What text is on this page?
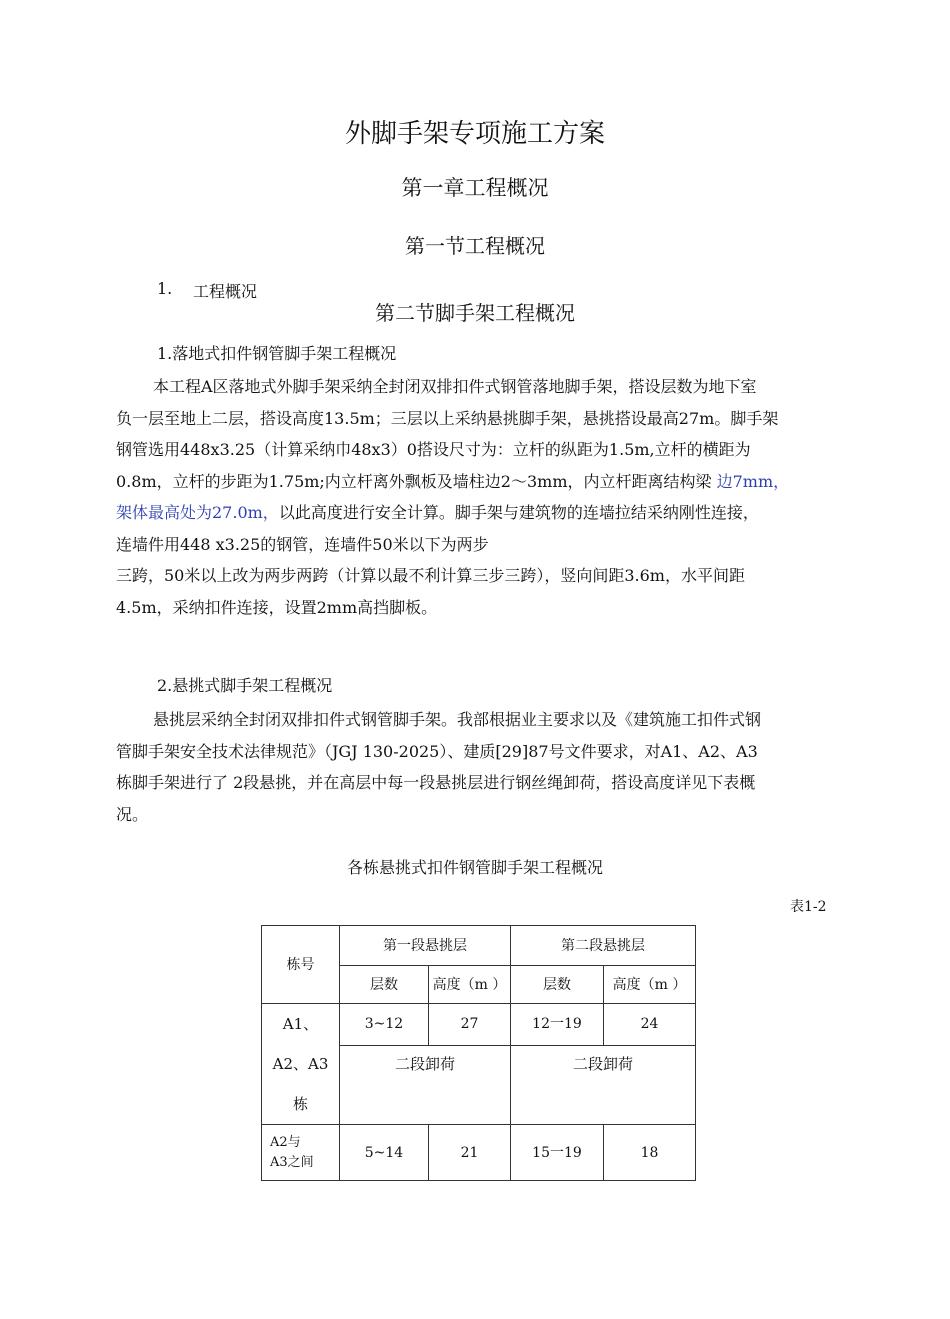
外脚手架专项施工方案
第一章工程概况
第一节工程概况
1. 工程概况
第二节脚手架工程概况
1.落地式扣件钢管脚手架工程概况
本工程A区落地式外脚手架采纳全封闭双排扣件式钢管落地脚手架，搭设层数为地下室
负一层至地上二层，搭设高度13.5m；三层以上采纳悬挑脚手架，悬挑搭设最高27m。脚手架
钢管选用448x3.25（计算采纳巾48x3）0搭设尺寸为：立杆的纵距为1.5m,立杆的横距为
0.8m，立杆的步距为1.75m;内立杆离外飘板及墙柱边2〜3mm，内立杆距离结构梁 边7mm，
架体最高处为27.0m，以此高度进行安全计算。脚手架与建筑物的连墙拉结采纳刚性连接，
连墙件用448 x3.25的钢管，连墙件50米以下为两步
三跨，50米以上改为两步两跨（计算以最不利计算三步三跨），竖向间距3.6m，水平间距
4.5m，采纳扣件连接，设置2mm高挡脚板。
2.悬挑式脚手架工程概况
悬挑层采纳全封闭双排扣件式钢管脚手架。我部根据业主要求以及《建筑施工扣件式钢
管脚手架安全技术法律规范》（JGJ 130-2025）、建质[29]87号文件要求，对A1、A2、A3
栋脚手架进行了 2段悬挑，并在高层中每一段悬挑层进行钢丝绳卸荷，搭设高度详见下表概
况。
各栋悬挑式扣件钢管脚手架工程概况
表1-2
栋号	第一段悬挑层		第二段悬挑层	
	层数	高度（m ）	层数	高度（m ）

A1、
A2、A3
栋	3~12	27	12一19	24
	二段卸荷		二段卸荷	

A2与
A3之间	5~14	21	15一19	18
